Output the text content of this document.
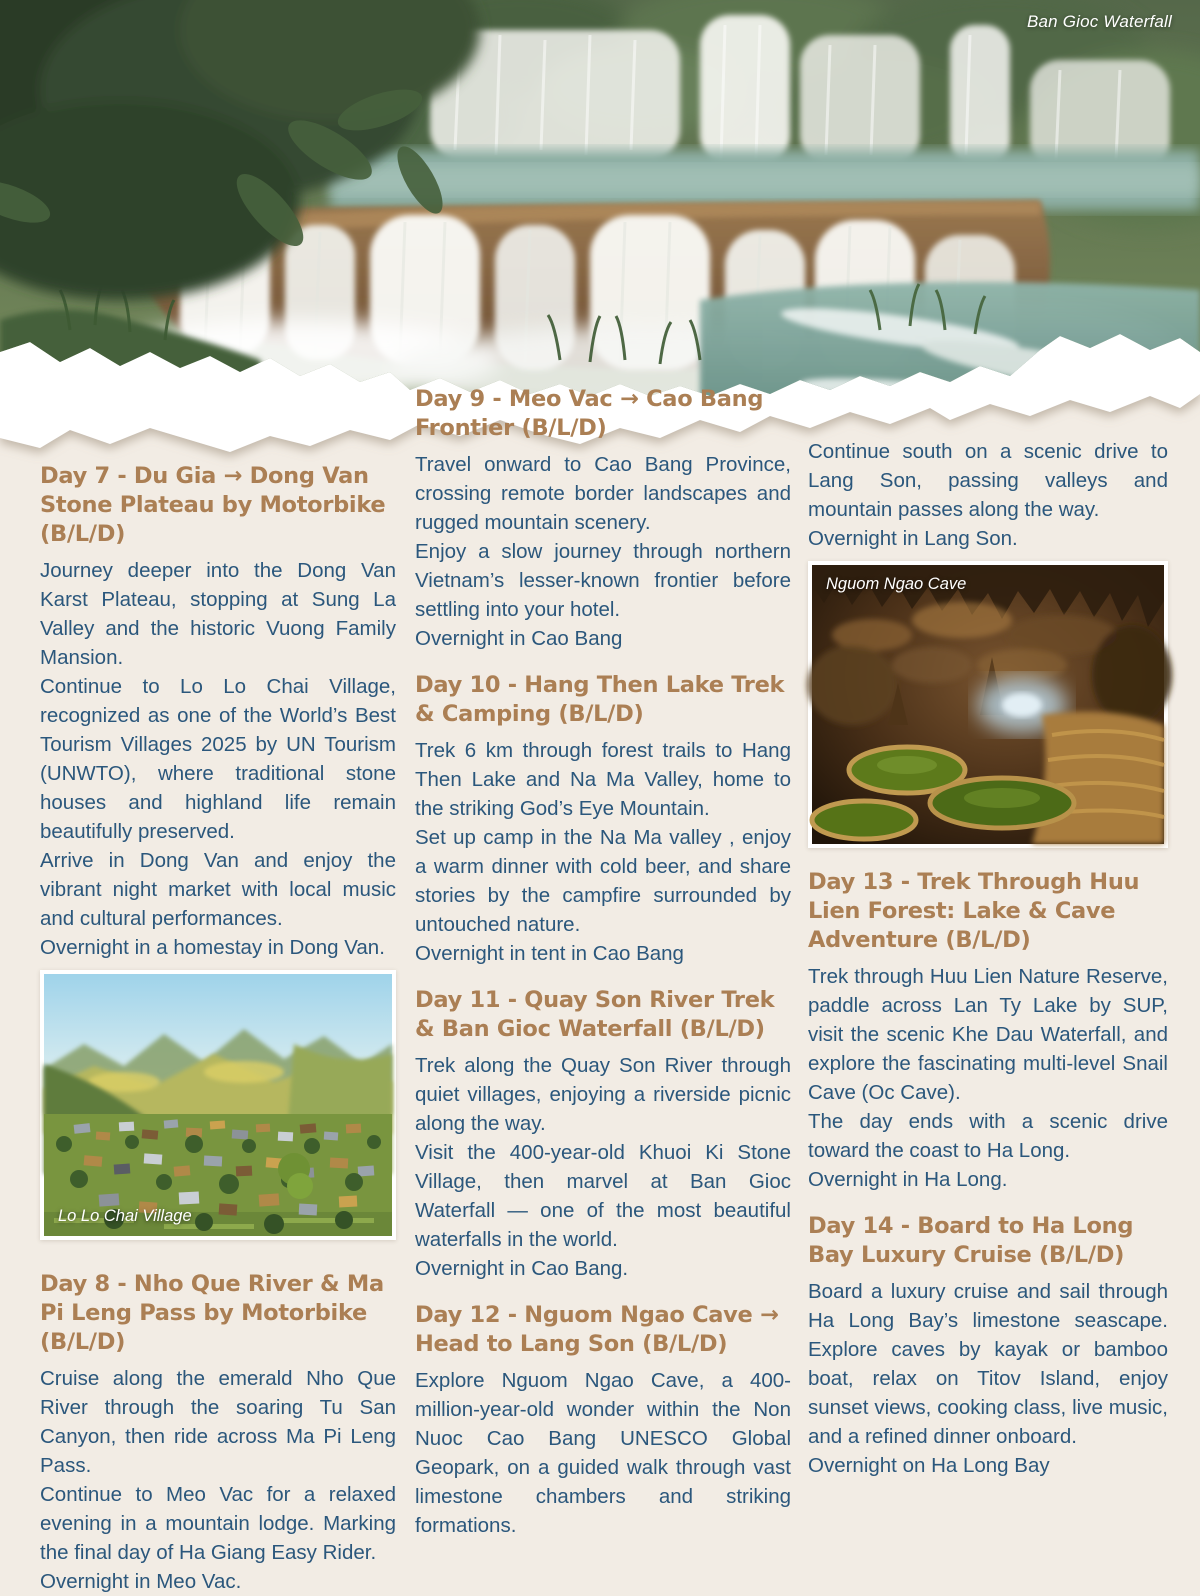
Ban Gioc Waterfall
Day 7 - Du Gia → Dong Van Stone Plateau by Motorbike (B/L/D)

Journey deeper into the Dong Van Karst Plateau, stopping at Sung La Valley and the historic Vuong Family Mansion.

Continue to Lo Lo Chai Village, recognized as one of the World’s Best Tourism Villages 2025 by UN Tourism (UNWTO), where traditional stone houses and highland life remain beautifully preserved.

Arrive in Dong Van and enjoy the vibrant night market with local music and cultural performances.

Overnight in a homestay in Dong Van.

Lo Lo Chai Village
Day 8 - Nho Que River & Ma Pi Leng Pass by Motorbike (B/L/D)

Cruise along the emerald Nho Que River through the soaring Tu San Canyon, then ride across Ma Pi Leng Pass.

Continue to Meo Vac for a relaxed evening in a mountain lodge. Marking the final day of Ha Giang Easy Rider.

Overnight in Meo Vac.

Day 9 - Meo Vac → Cao Bang Frontier (B/L/D)

Travel onward to Cao Bang Province, crossing remote border landscapes and rugged mountain scenery.

Enjoy a slow journey through northern Vietnam’s lesser-known frontier before settling into your hotel.

Overnight in Cao Bang

Day 10 - Hang Then Lake Trek & Camping (B/L/D)

Trek 6 km through forest trails to Hang Then Lake and Na Ma Valley, home to the striking God’s Eye Mountain.

Set up camp in the Na Ma valley , enjoy a warm dinner with cold beer, and share stories by the campfire surrounded by untouched nature.

Overnight in tent in Cao Bang

Day 11 - Quay Son River Trek & Ban Gioc Waterfall (B/L/D)

Trek along the Quay Son River through quiet villages, enjoying a riverside picnic along the way.

Visit the 400-year-old Khuoi Ki Stone Village, then marvel at Ban Gioc Waterfall — one of the most beautiful waterfalls in the world.

Overnight in Cao Bang.

Day 12 - Nguom Ngao Cave → Head to Lang Son (B/L/D)

Explore Nguom Ngao Cave, a 400-million-year-old wonder within the Non Nuoc Cao Bang UNESCO Global Geopark, on a guided walk through vast limestone chambers and striking formations.

Continue south on a scenic drive to Lang Son, passing valleys and mountain passes along the way.

Overnight in Lang Son.

Nguom Ngao Cave
Day 13 - Trek Through Huu Lien Forest: Lake & Cave Adventure (B/L/D)

Trek through Huu Lien Nature Reserve, paddle across Lan Ty Lake by SUP, visit the scenic Khe Dau Waterfall, and explore the fascinating multi-level Snail Cave (Oc Cave).

The day ends with a scenic drive toward the coast to Ha Long.

Overnight in Ha Long.

Day 14 - Board to Ha Long Bay Luxury Cruise (B/L/D)

Board a luxury cruise and sail through Ha Long Bay’s limestone seascape. Explore caves by kayak or bamboo boat, relax on Titov Island, enjoy sunset views, cooking class, live music, and a refined dinner onboard.

Overnight on Ha Long Bay
